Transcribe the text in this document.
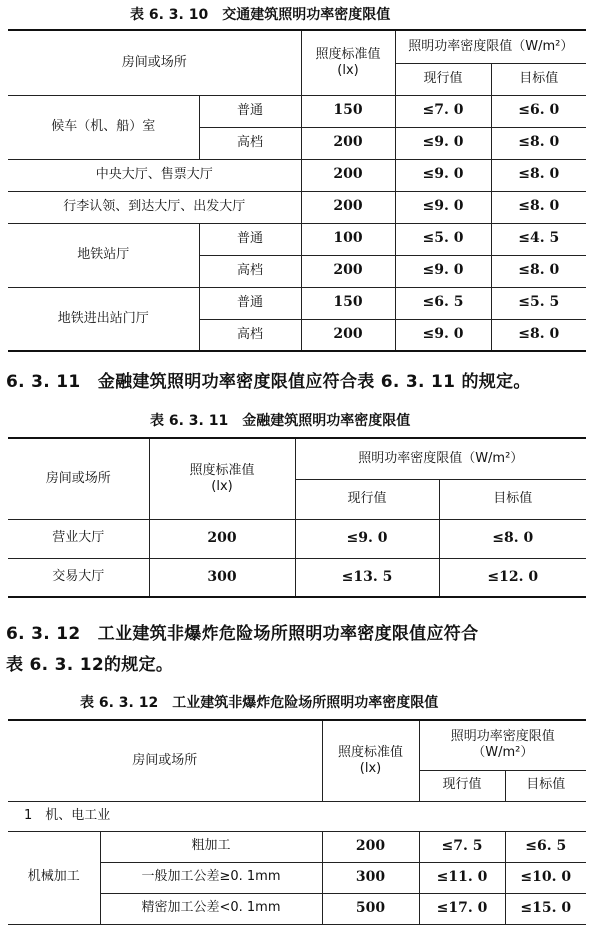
表 6. 3. 10　交通建筑照明功率密度限值
房间或场所		照度标准值
(lx)	照明功率密度限值（W/m²）	
			现行值	目标值
候车（机、船）室	普通	150	≤7. 0	≤6. 0
	高档	200	≤9. 0	≤8. 0
中央大厅、售票大厅		200	≤9. 0	≤8. 0
行李认领、到达大厅、出发大厅		200	≤9. 0	≤8. 0
地铁站厅	普通	100	≤5. 0	≤4. 5
	高档	200	≤9. 0	≤8. 0
地铁进出站门厅	普通	150	≤6. 5	≤5. 5
	高档	200	≤9. 0	≤8. 0
6. 3. 11　金融建筑照明功率密度限值应符合表 6. 3. 11 的规定。
表 6. 3. 11　金融建筑照明功率密度限值
房间或场所	照度标准值
(lx)	照明功率密度限值（W/m²）	
		现行值	目标值
营业大厅	200	≤9. 0	≤8. 0
交易大厅	300	≤13. 5	≤12. 0
6. 3. 12　工业建筑非爆炸危险场所照明功率密度限值应符合
表 6. 3. 12的规定。
表 6. 3. 12　工业建筑非爆炸危险场所照明功率密度限值
房间或场所		照度标准值
(lx)	照明功率密度限值
（W/m²）	
			现行值	目标值
1　机、电工业				
机械加工	粗加工	200	≤7. 5	≤6. 5
	一般加工公差≥0. 1mm	300	≤11. 0	≤10. 0
	精密加工公差<0. 1mm	500	≤17. 0	≤15. 0
